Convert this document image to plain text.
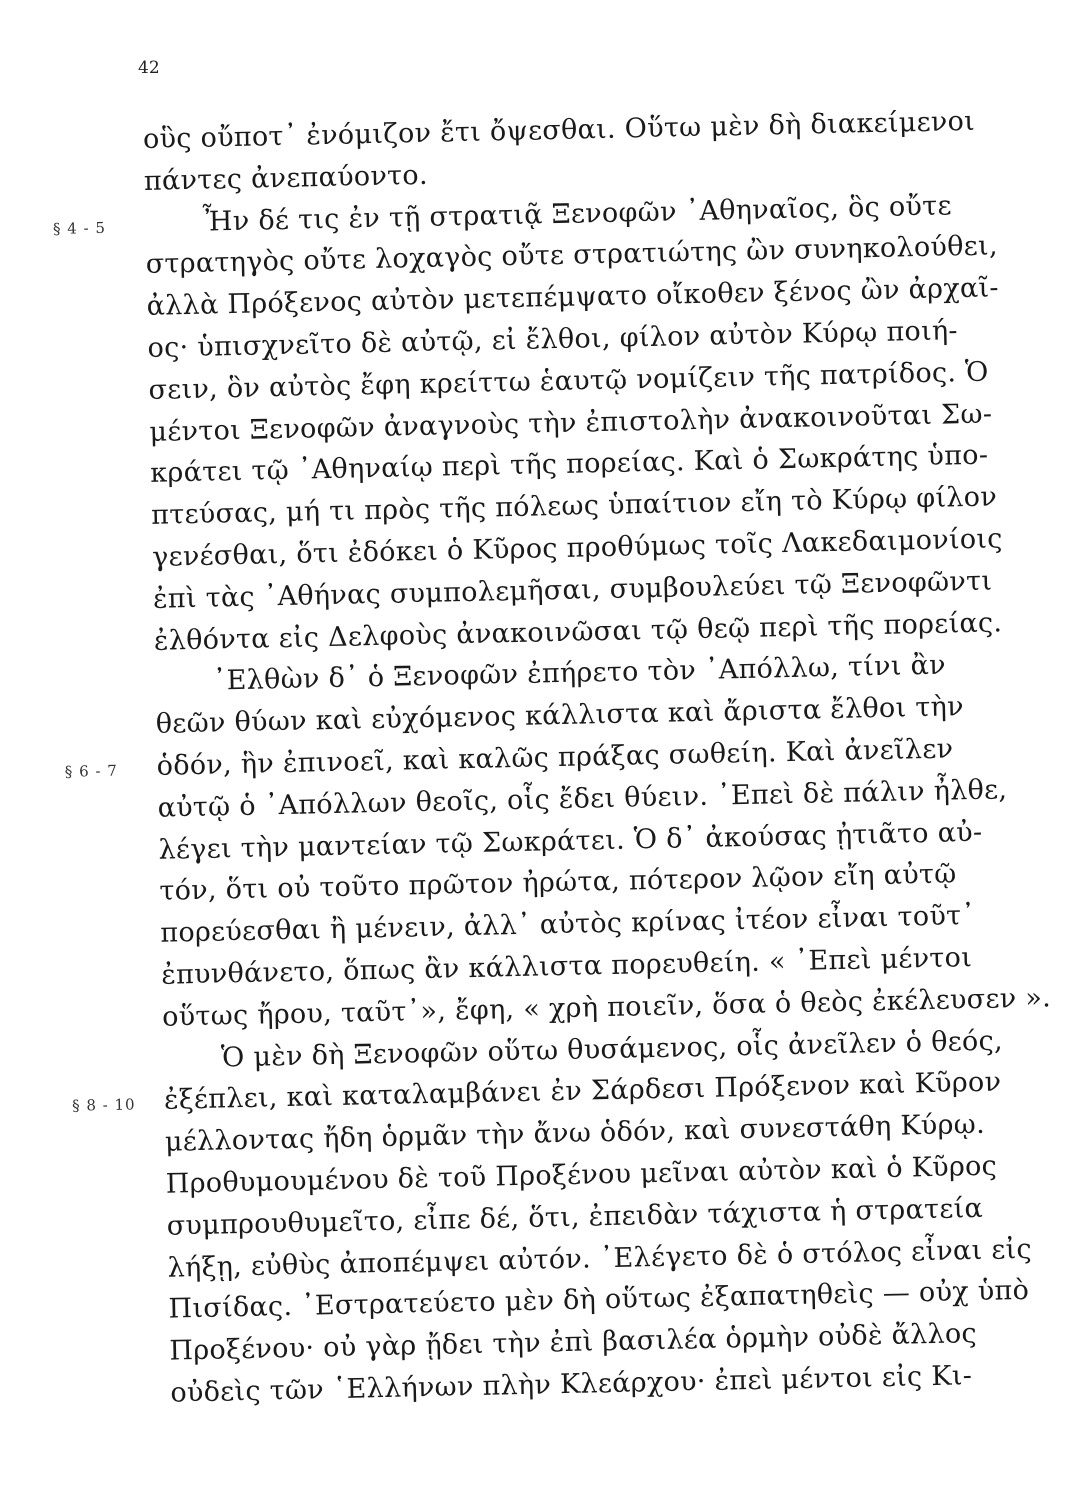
42
οὓς οὔποτ᾽ ἐνόμιζον ἔτι ὄψεσθαι. Οὕτω μὲν δὴ διακείμενοι
πάντες ἀνεπαύοντο.
Ἦν δέ τις ἐν τῇ στρατιᾷ Ξενοφῶν ᾿Αθηναῖος, ὃς οὔτε
στρατηγὸς οὔτε λοχαγὸς οὔτε στρατιώτης ὢν συνηκολούθει,
ἀλλὰ Πρόξενος αὐτὸν μετεπέμψατο οἴκοθεν ξένος ὢν ἀρχαῖ-
ος· ὑπισχνεῖτο δὲ αὐτῷ, εἰ ἔλθοι, φίλον αὐτὸν Κύρῳ ποιή-
σειν, ὃν αὐτὸς ἔφη κρείττω ἑαυτῷ νομίζειν τῆς πατρίδος. Ὁ
μέντοι Ξενοφῶν ἀναγνοὺς τὴν ἐπιστολὴν ἀνακοινοῦται Σω-
κράτει τῷ ᾿Αθηναίῳ περὶ τῆς πορείας. Καὶ ὁ Σωκράτης ὑπο-
πτεύσας, μή τι πρὸς τῆς πόλεως ὑπαίτιον εἴη τὸ Κύρῳ φίλον
γενέσθαι, ὅτι ἐδόκει ὁ Κῦρος προθύμως τοῖς Λακεδαιμονίοις
ἐπὶ τὰς ᾿Αθήνας συμπολεμῆσαι, συμβουλεύει τῷ Ξενοφῶντι
ἐλθόντα εἰς Δελφοὺς ἀνακοινῶσαι τῷ θεῷ περὶ τῆς πορείας.
᾿Ελθὼν δ᾽ ὁ Ξενοφῶν ἐπήρετο τὸν ᾿Απόλλω, τίνι ἂν
θεῶν θύων καὶ εὐχόμενος κάλλιστα καὶ ἄριστα ἔλθοι τὴν
ὁδόν, ἣν ἐπινοεῖ, καὶ καλῶς πράξας σωθείη. Καὶ ἀνεῖλεν
αὐτῷ ὁ ᾿Απόλλων θεοῖς, οἷς ἔδει θύειν. ᾿Επεὶ δὲ πάλιν ἦλθε,
λέγει τὴν μαντείαν τῷ Σωκράτει. Ὁ δ᾽ ἀκούσας ᾐτιᾶτο αὐ-
τόν, ὅτι οὐ τοῦτο πρῶτον ἠρώτα, πότερον λῷον εἴη αὐτῷ
πορεύεσθαι ἢ μένειν, ἀλλ᾽ αὐτὸς κρίνας ἰτέον εἶναι τοῦτ᾽
ἐπυνθάνετο, ὅπως ἂν κάλλιστα πορευθείη. « ᾿Επεὶ μέντοι
οὕτως ἤρου, ταῦτ᾽», ἔφη, « χρὴ ποιεῖν, ὅσα ὁ θεὸς ἐκέλευσεν ».
Ὁ μὲν δὴ Ξενοφῶν οὕτω θυσάμενος, οἷς ἀνεῖλεν ὁ θεός,
ἐξέπλει, καὶ καταλαμβάνει ἐν Σάρδεσι Πρόξενον καὶ Κῦρον
μέλλοντας ἤδη ὁρμᾶν τὴν ἄνω ὁδόν, καὶ συνεστάθη Κύρῳ.
Προθυμουμένου δὲ τοῦ Προξένου μεῖναι αὐτὸν καὶ ὁ Κῦρος
συμπρουθυμεῖτο, εἶπε δέ, ὅτι, ἐπειδὰν τάχιστα ἡ στρατεία
λήξῃ, εὐθὺς ἀποπέμψει αὐτόν. ᾿Ελέγετο δὲ ὁ στόλος εἶναι εἰς
Πισίδας. ᾿Εστρατεύετο μὲν δὴ οὕτως ἐξαπατηθεὶς — οὐχ ὑπὸ
Προξένου· οὐ γὰρ ᾔδει τὴν ἐπὶ βασιλέα ὁρμὴν οὐδὲ ἄλλος
οὐδεὶς τῶν ῾Ελλήνων πλὴν Κλεάρχου· ἐπεὶ μέντοι εἰς Κι-
§ 4 - 5
§ 6 - 7
§ 8 - 10
